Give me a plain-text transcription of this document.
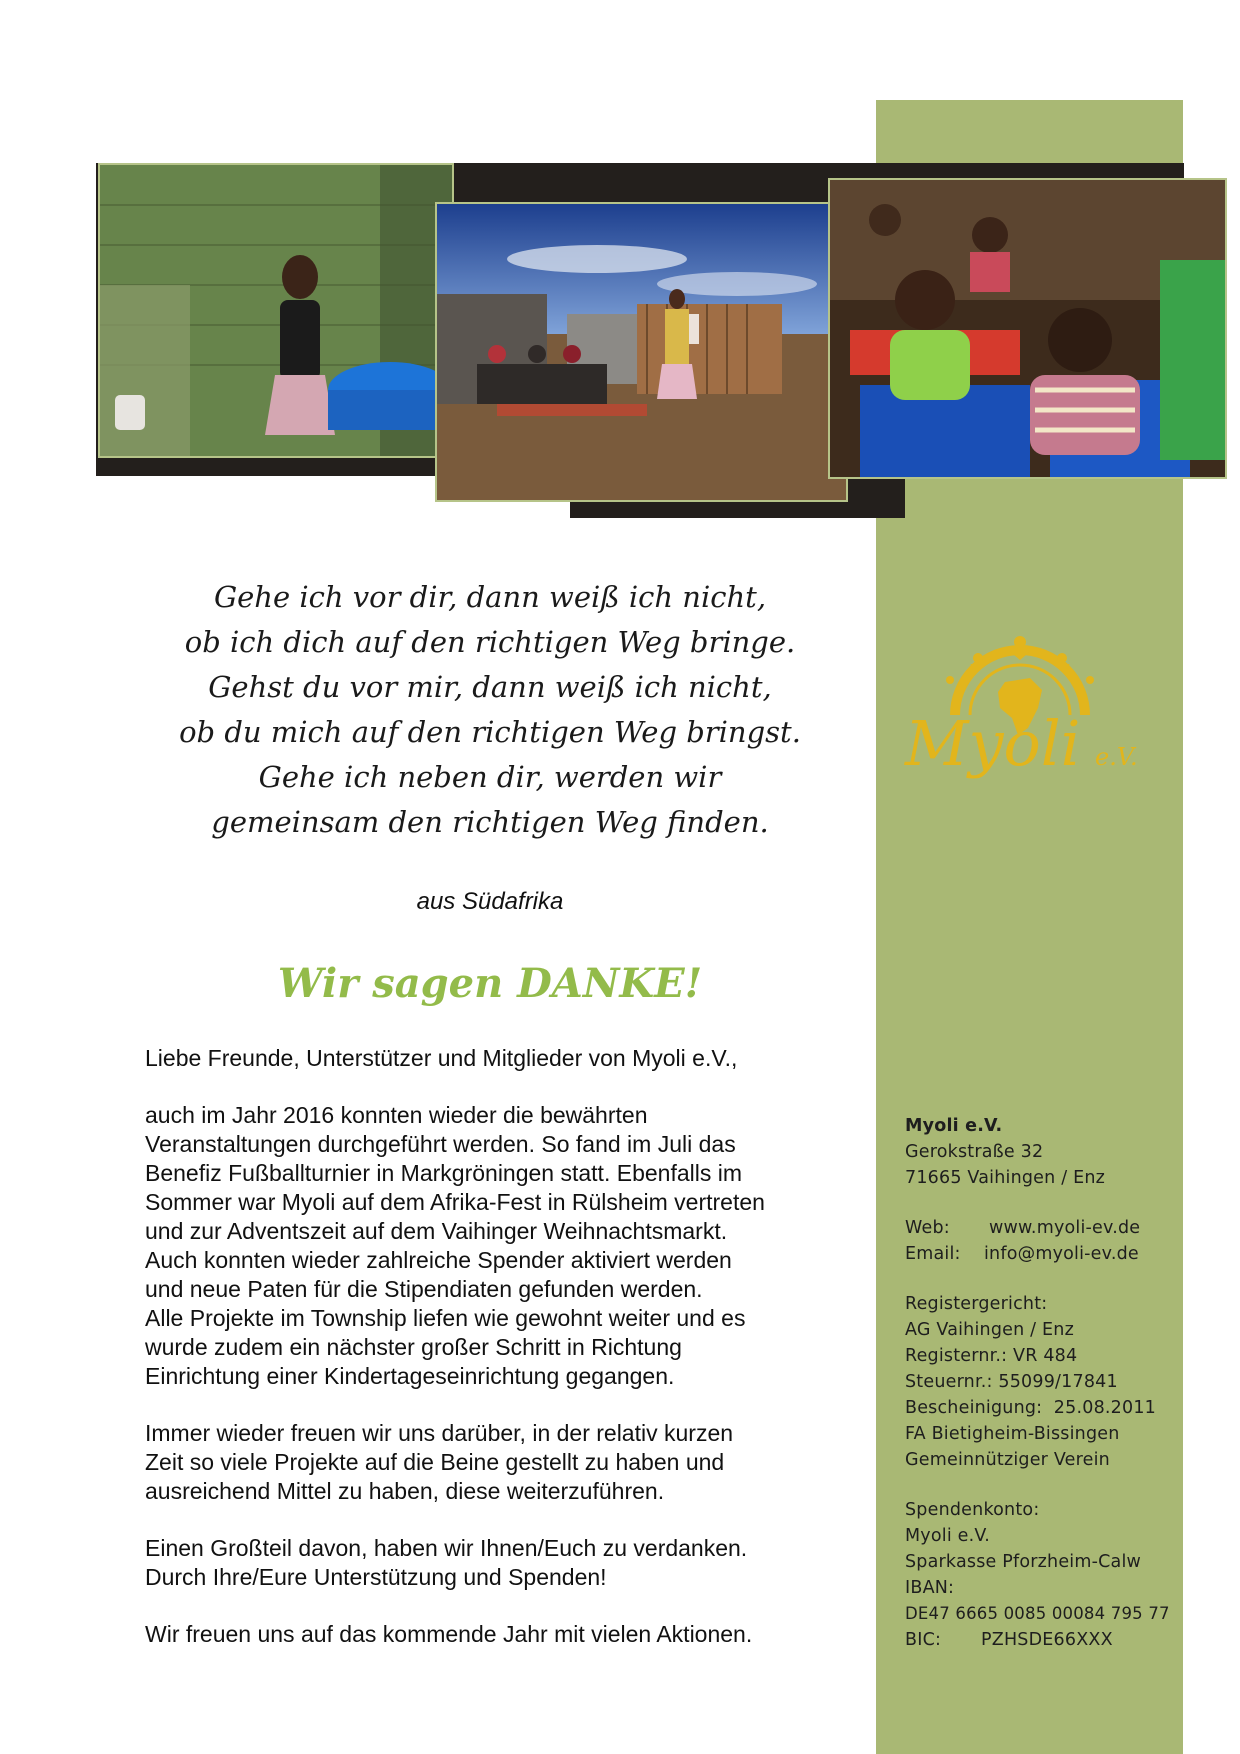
Gehe ich vor dir, dann weiß ich nicht,
ob ich dich auf den richtigen Weg bringe.
Gehst du vor mir, dann weiß ich nicht,
ob du mich auf den richtigen Weg bringst.
Gehe ich neben dir, werden wir
gemeinsam den richtigen Weg finden.
aus Südafrika
Wir sagen DANKE!

Liebe Freunde, Unterstützer und Mitglieder von Myoli e.V.,

auch im Jahr 2016 konnten wieder die bewährten
Veranstaltungen durchgeführt werden. So fand im Juli das
Benefiz Fußballturnier in Markgröningen statt. Ebenfalls im
Sommer war Myoli auf dem Afrika-Fest in Rülsheim vertreten
und zur Adventszeit auf dem Vaihinger Weihnachtsmarkt.
Auch konnten wieder zahlreiche Spender aktiviert werden
und neue Paten für die Stipendiaten gefunden werden.
Alle Projekte im Township liefen wie gewohnt weiter und es
wurde zudem ein nächster großer Schritt in Richtung
Einrichtung einer Kindertageseinrichtung gegangen.

Immer wieder freuen wir uns darüber, in der relativ kurzen
Zeit so viele Projekte auf die Beine gestellt zu haben und
ausreichend Mittel zu haben, diese weiterzuführen.

Einen Großteil davon, haben wir Ihnen/Euch zu verdanken.
Durch Ihre/Eure Unterstützung und Spenden!

Wir freuen uns auf das kommende Jahr mit vielen Aktionen.

Myoli e.V.
Myoli e.V.
Gerokstraße 32
71665 Vaihingen / Enz
Web: www.myoli-ev.de
Email: info@myoli-ev.de
Registergericht:
AG Vaihingen / Enz
Registernr.: VR 484
Steuernr.: 55099/17841
Bescheinigung:  25.08.2011
FA Bietigheim-Bissingen
Gemeinnütziger Verein
Spendenkonto:
Myoli e.V.
Sparkasse Pforzheim-Calw
IBAN:
DE47 6665 0085 00084 795 77
BIC: PZHSDE66XXX
